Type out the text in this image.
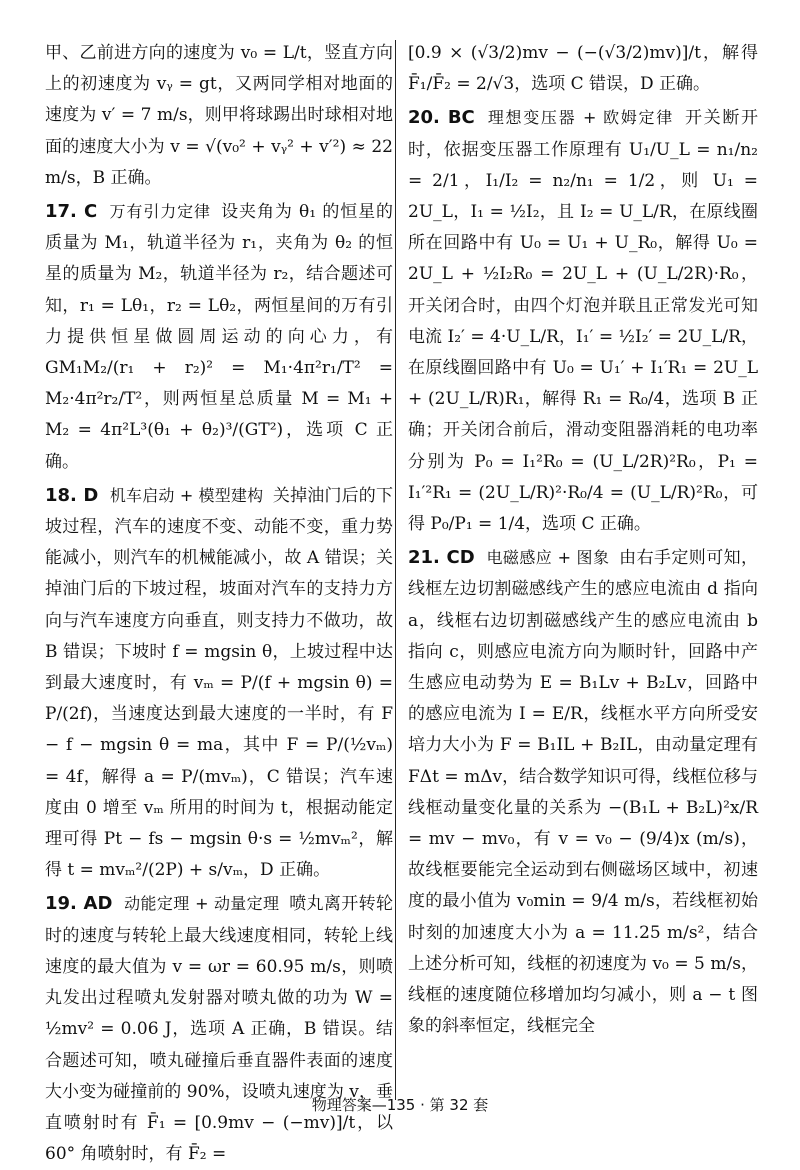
甲、乙前进方向的速度为 v₀ = L/t，竖直方向上的初速度为 vᵧ = gt，又两同学相对地面的速度为 v′ = 7 m/s，则甲将球踢出时球相对地面的速度大小为 v = √(v₀² + vᵧ² + v′²) ≈ 22 m/s，B 正确。

17. C 万有引力定律 设夹角为 θ₁ 的恒星的质量为 M₁，轨道半径为 r₁，夹角为 θ₂ 的恒星的质量为 M₂，轨道半径为 r₂，结合题述可知，r₁ = Lθ₁，r₂ = Lθ₂，两恒星间的万有引力提供恒星做圆周运动的向心力，有 GM₁M₂/(r₁ + r₂)² = M₁·4π²r₁/T² = M₂·4π²r₂/T²，则两恒星总质量 M = M₁ + M₂ = 4π²L³(θ₁ + θ₂)³/(GT²)，选项 C 正确。

18. D 机车启动 + 模型建构 关掉油门后的下坡过程，汽车的速度不变、动能不变，重力势能减小，则汽车的机械能减小，故 A 错误；关掉油门后的下坡过程，坡面对汽车的支持力方向与汽车速度方向垂直，则支持力不做功，故 B 错误；下坡时 f = mgsin θ，上坡过程中达到最大速度时，有 vₘ = P/(f + mgsin θ) = P/(2f)，当速度达到最大速度的一半时，有 F − f − mgsin θ = ma，其中 F = P/(½vₘ) = 4f，解得 a = P/(mvₘ)，C 错误；汽车速度由 0 增至 vₘ 所用的时间为 t，根据动能定理可得 Pt − fs − mgsin θ·s = ½mvₘ²，解得 t = mvₘ²/(2P) + s/vₘ，D 正确。

19. AD 动能定理 + 动量定理 喷丸离开转轮时的速度与转轮上最大线速度相同，转轮上线速度的最大值为 v = ωr = 60.95 m/s，则喷丸发出过程喷丸发射器对喷丸做的功为 W = ½mv² = 0.06 J，选项 A 正确，B 错误。结合题述可知，喷丸碰撞后垂直器件表面的速度大小变为碰撞前的 90%，设喷丸速度为 v，垂直喷射时有 F̄₁ = [0.9mv − (−mv)]/t，以 60° 角喷射时，有 F̄₂ =

[0.9 × (√3/2)mv − (−(√3/2)mv)]/t，解得 F̄₁/F̄₂ = 2/√3，选项 C 错误，D 正确。

20. BC 理想变压器 + 欧姆定律 开关断开时，依据变压器工作原理有 U₁/U_L = n₁/n₂ = 2/1，I₁/I₂ = n₂/n₁ = 1/2，则 U₁ = 2U_L，I₁ = ½I₂，且 I₂ = U_L/R，在原线圈所在回路中有 U₀ = U₁ + U_R₀，解得 U₀ = 2U_L + ½I₂R₀ = 2U_L + (U_L/2R)·R₀，开关闭合时，由四个灯泡并联且正常发光可知电流 I₂′ = 4·U_L/R，I₁′ = ½I₂′ = 2U_L/R，在原线圈回路中有 U₀ = U₁′ + I₁′R₁ = 2U_L + (2U_L/R)R₁，解得 R₁ = R₀/4，选项 B 正确；开关闭合前后，滑动变阻器消耗的电功率分别为 P₀ = I₁²R₀ = (U_L/2R)²R₀，P₁ = I₁′²R₁ = (2U_L/R)²·R₀/4 = (U_L/R)²R₀，可得 P₀/P₁ = 1/4，选项 C 正确。

21. CD 电磁感应 + 图象 由右手定则可知，线框左边切割磁感线产生的感应电流由 d 指向 a，线框右边切割磁感线产生的感应电流由 b 指向 c，则感应电流方向为顺时针，回路中产生感应电动势为 E = B₁Lv + B₂Lv，回路中的感应电流为 I = E/R，线框水平方向所受安培力大小为 F = B₁IL + B₂IL，由动量定理有 FΔt = mΔv，结合数学知识可得，线框位移与线框动量变化量的关系为 −(B₁L + B₂L)²x/R = mv − mv₀，有 v = v₀ − (9/4)x (m/s)，故线框要能完全运动到右侧磁场区域中，初速度的最小值为 v₀min = 9/4 m/s，若线框初始时刻的加速度大小为 a = 11.25 m/s²，结合上述分析可知，线框的初速度为 v₀ = 5 m/s，线框的速度随位移增加均匀减小，则 a − t 图象的斜率恒定，线框完全

物理答案—135 · 第 32 套
